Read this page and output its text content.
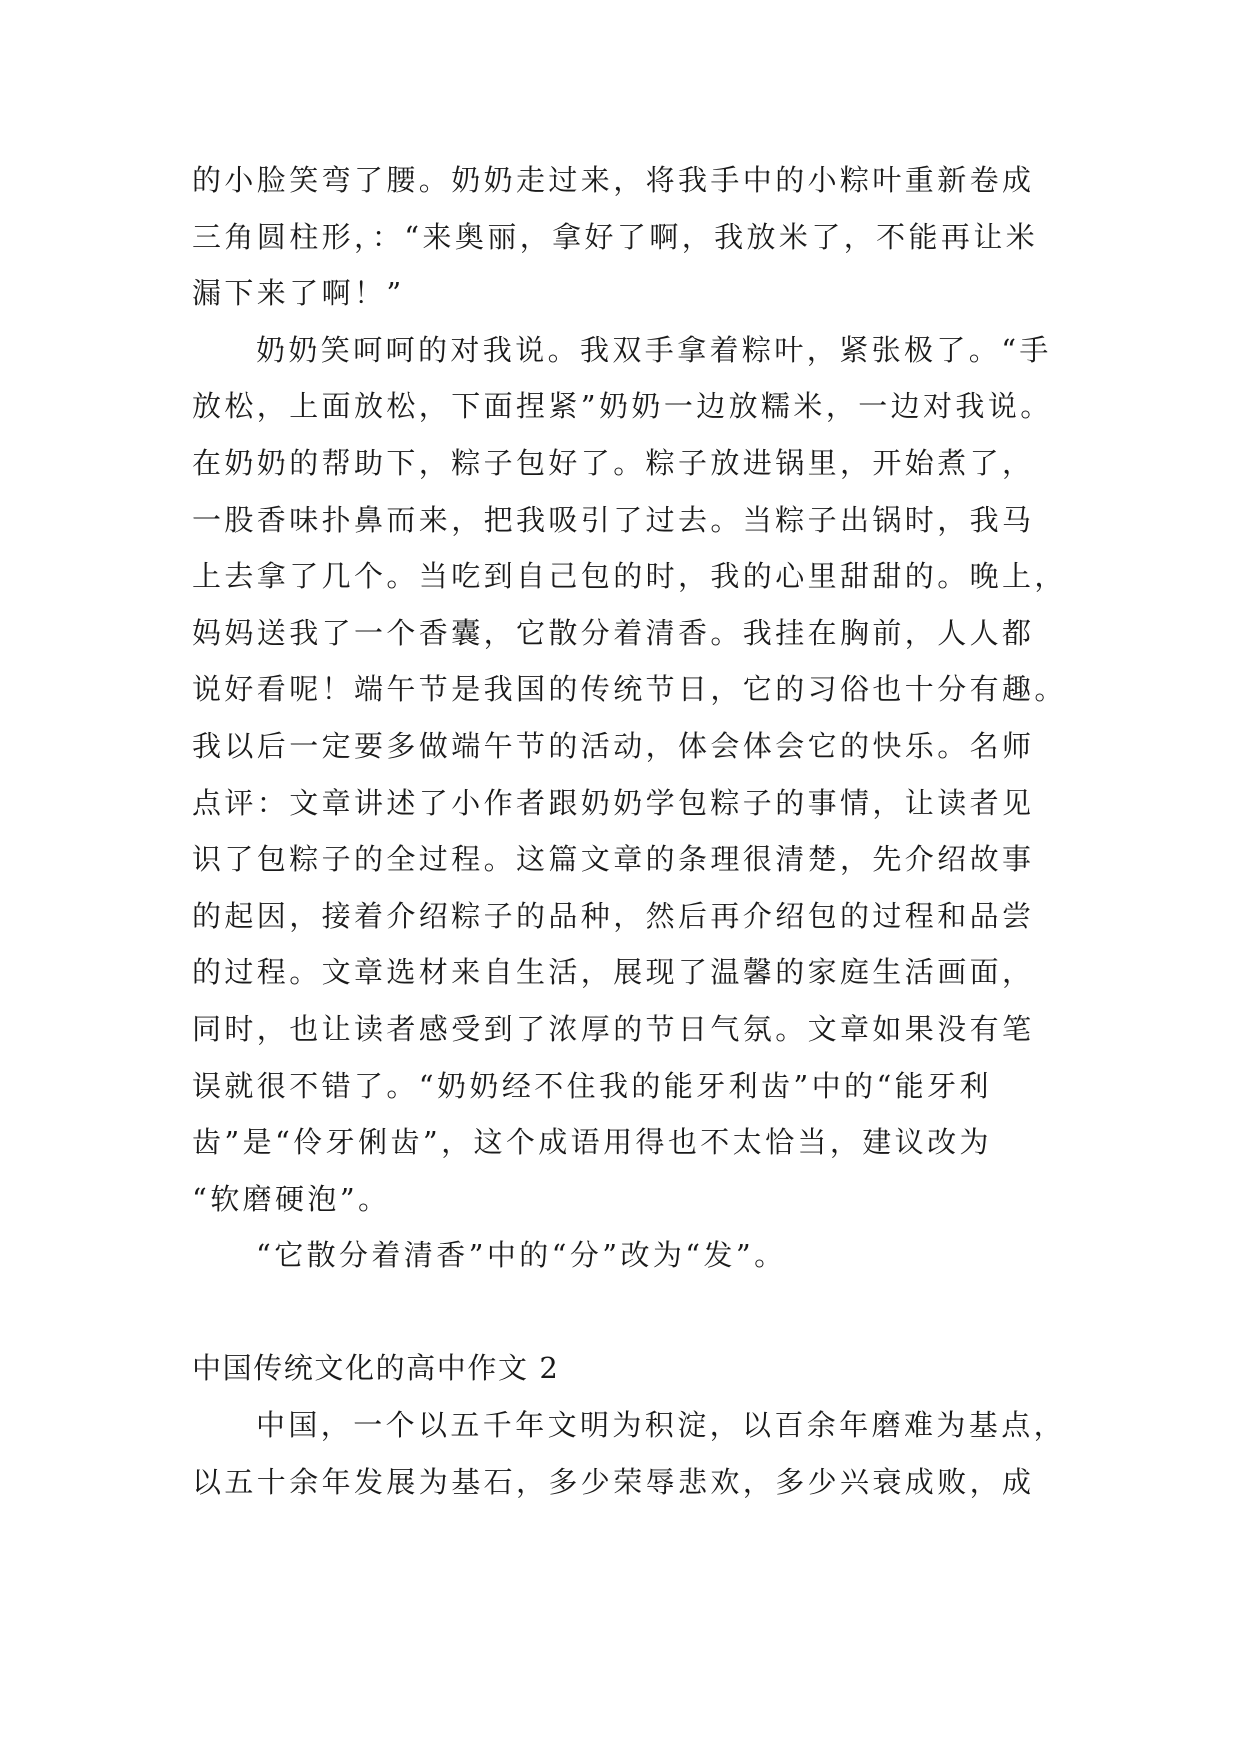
的小脸笑弯了腰。奶奶走过来，将我手中的小粽叶重新卷成
三角圆柱形，：“来奥丽，拿好了啊，我放米了，不能再让米
漏下来了啊！”
奶奶笑呵呵的对我说。我双手拿着粽叶，紧张极了。“手
放松，上面放松，下面捏紧”奶奶一边放糯米，一边对我说。
在奶奶的帮助下，粽子包好了。粽子放进锅里，开始煮了，
一股香味扑鼻而来，把我吸引了过去。当粽子出锅时，我马
上去拿了几个。当吃到自己包的时，我的心里甜甜的。晚上，
妈妈送我了一个香囊，它散分着清香。我挂在胸前，人人都
说好看呢！端午节是我国的传统节日，它的习俗也十分有趣。
我以后一定要多做端午节的活动，体会体会它的快乐。名师
点评：文章讲述了小作者跟奶奶学包粽子的事情，让读者见
识了包粽子的全过程。这篇文章的条理很清楚，先介绍故事
的起因，接着介绍粽子的品种，然后再介绍包的过程和品尝
的过程。文章选材来自生活，展现了温馨的家庭生活画面，
同时，也让读者感受到了浓厚的节日气氛。文章如果没有笔
误就很不错了。“奶奶经不住我的能牙利齿”中的“能牙利
齿”是“伶牙俐齿”，这个成语用得也不太恰当，建议改为
“软磨硬泡”。
“它散分着清香”中的“分”改为“发”。
中国传统文化的高中作文 2
中国，一个以五千年文明为积淀，以百余年磨难为基点，
以五十余年发展为基石，多少荣辱悲欢，多少兴衰成败，成
